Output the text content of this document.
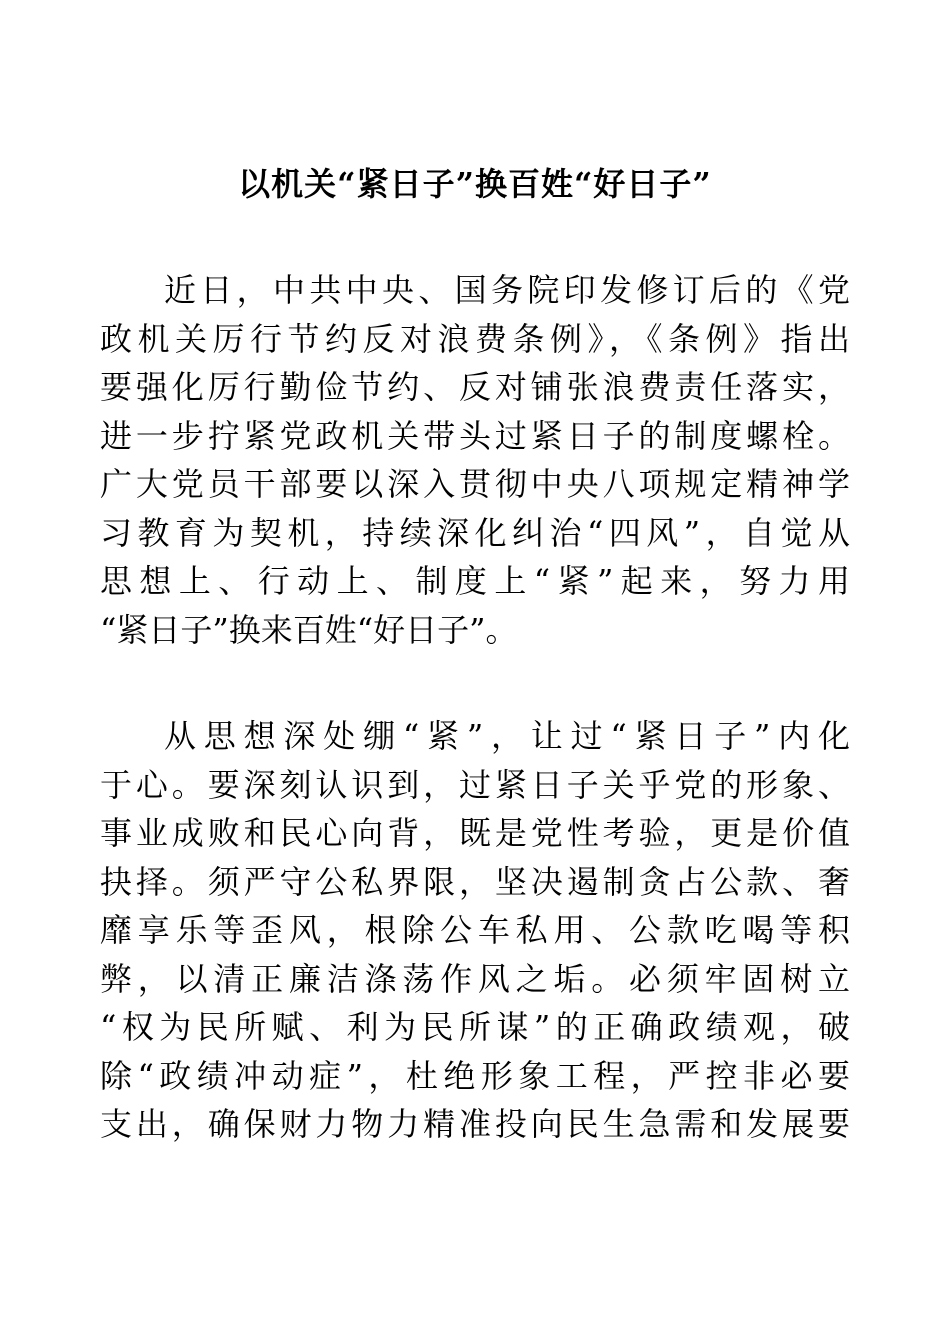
以机关“紧日子”换百姓“好日子”
近日，中共中央、国务院印发修订后的《党
政机关厉行节约反对浪费条例》，《条例》指出
要强化厉行勤俭节约、反对铺张浪费责任落实，
进一步拧紧党政机关带头过紧日子的制度螺栓。
广大党员干部要以深入贯彻中央八项规定精神学
习教育为契机，持续深化纠治“四风”，自觉从
思想上、行动上、制度上“紧”起来，努力用
“紧日子”换来百姓“好日子”。
从思想深处绷“紧”，让过“紧日子”内化
于心。要深刻认识到，过紧日子关乎党的形象、
事业成败和民心向背，既是党性考验，更是价值
抉择。须严守公私界限，坚决遏制贪占公款、奢
靡享乐等歪风，根除公车私用、公款吃喝等积
弊，以清正廉洁涤荡作风之垢。必须牢固树立
“权为民所赋、利为民所谋”的正确政绩观，破
除“政绩冲动症”，杜绝形象工程，严控非必要
支出，确保财力物力精准投向民生急需和发展要
